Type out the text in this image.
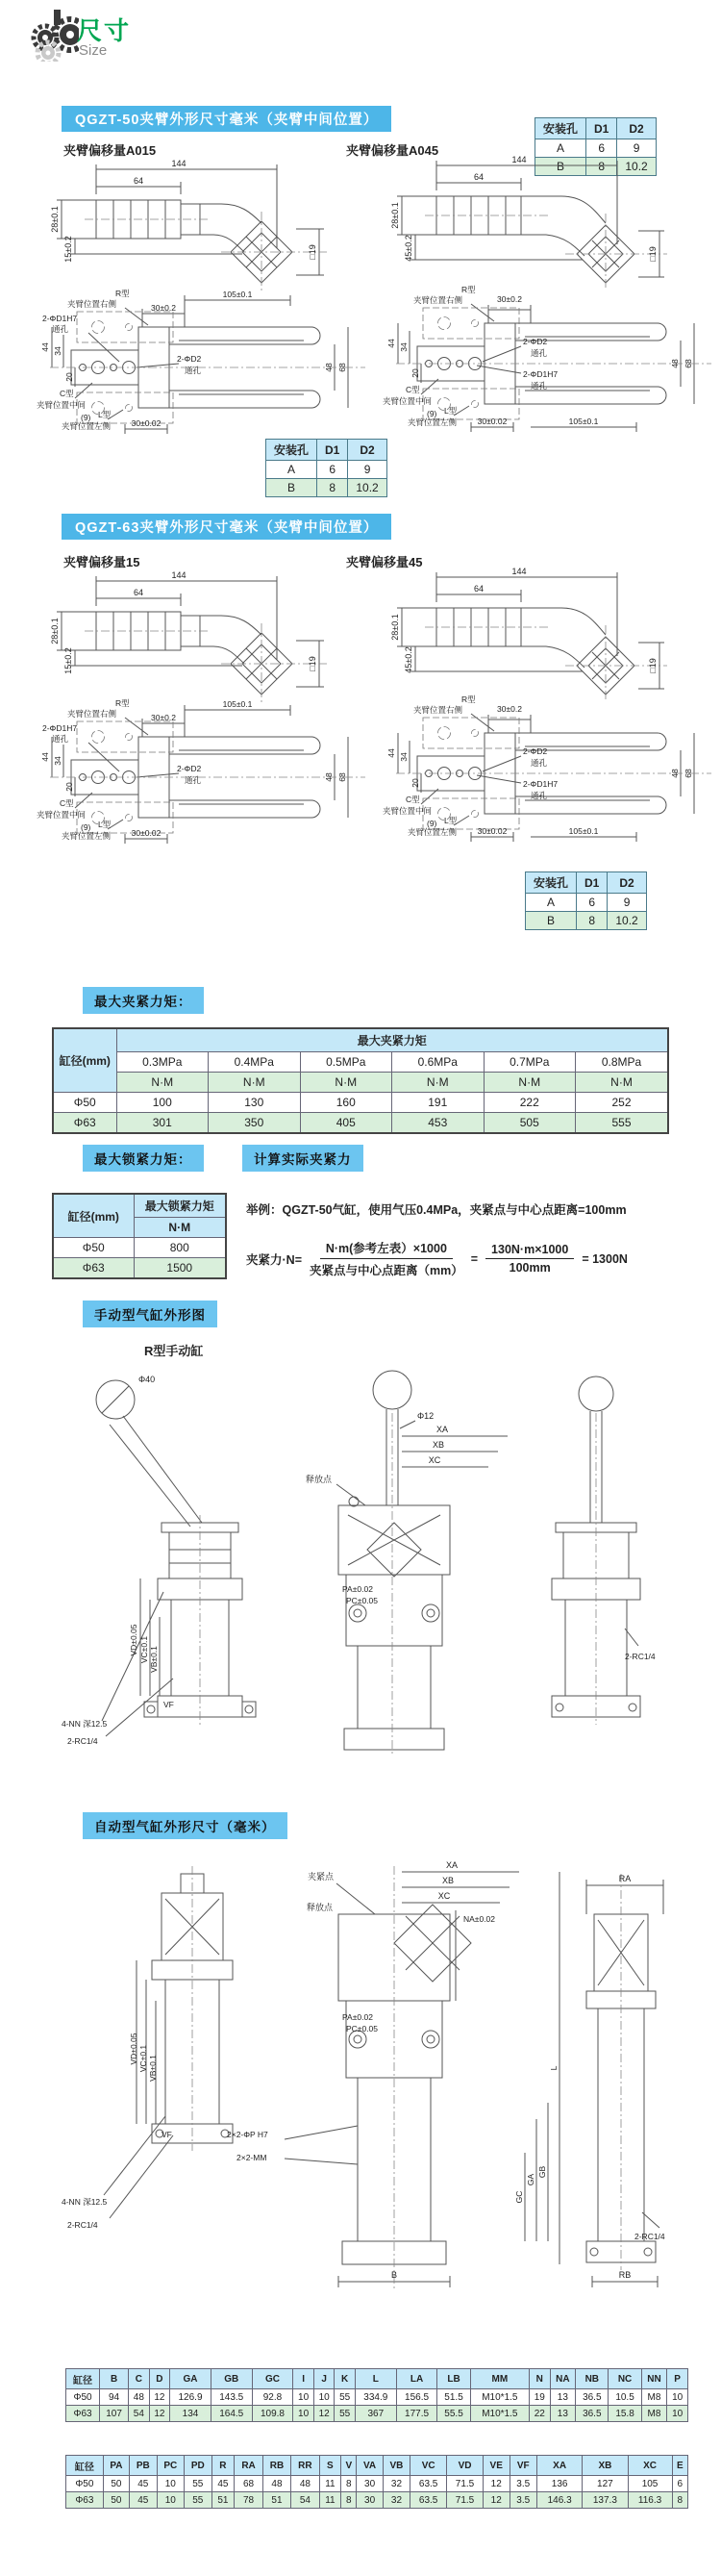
尺寸
Size
QGZT-50夹臂外形尺寸毫米（夹臂中间位置）
安装孔	D1	D2
A	6	9
B	8	10.2
夹臂偏移量A015	夹臂偏移量A045
144
64
28±0.1
15±0.2	□19
144
64
28±0.1
45±0.2	□19
105±0.1
30±0.2
R型
夹臂位置右侧
2-ΦD1H7
通孔
44 34
20
2-ΦD2
通孔	48 68
C型
夹臂位置中间
(9) L型
夹臂位置左侧	30±0.02
30±0.2
R型
夹臂位置右侧
44 34
20
2-ΦD2
通孔
2-ΦD1H7
通孔
48 68
C型
夹臂位置中间
(9) L型
夹臂位置左侧	30±0.02	105±0.1
安装孔	D1	D2
A	6	9
B	8	10.2
QGZT-63夹臂外形尺寸毫米（夹臂中间位置）
夹臂偏移量15	夹臂偏移量45
144
64
28±0.1
15±0.2	□19
144
64
28±0.1
45±0.2	□19
105±0.1
30±0.2
R型
夹臂位置右侧
2-ΦD1H7
通孔
44 34
20
2-ΦD2
通孔	48 68
C型
夹臂位置中间
(9) L型
夹臂位置左侧	30±0.02
30±0.2
R型
夹臂位置右侧
44 34
20
2-ΦD2
通孔
2-ΦD1H7
通孔
48 68
C型
夹臂位置中间
(9) L型
夹臂位置左侧	30±0.02	105±0.1
安装孔	D1	D2
A	6	9
B	8	10.2
最大夹紧力矩：
缸径(mm)	最大夹紧力矩					
	0.3MPa	0.4MPa	0.5MPa	0.6MPa	0.7MPa	0.8MPa
	N·M	N·M	N·M	N·M	N·M	N·M
Φ50	100	130	160	191	222	252
Φ63	301	350	405	453	505	555
最大锁紧力矩：	计算实际夹紧力
缸径(mm)	最大锁紧力矩
	N·M
Φ50	800
Φ63	1500
举例：QGZT-50气缸，使用气压0.4MPa，夹紧点与中心点距离=100mm
夹紧力$\cdot N= \frac{\text{N·m(参考左表）×1000}}{\text{夹紧点与中心点距离（mm）}} = \frac{130N\cdot m\times 1000}{100mm} = 1300N$
手动型气缸外形图
R型手动缸
Φ40
Φ12
XA
XB
XC
释放点
VD±0.05 VC±0.1 VB±0.1
VF
PA±0.02
PC±0.05
2-RC1/4
4-NN 深12.5
2-RC1/4
自动型气缸外形尺寸（毫米）
XA
XB
XC
夹紧点
NA±0.02
释放点
VD±0.05 VC±0.1 VB±0.1
VF
4-NN 深12.5
2-RC1/4
PA±0.02
PC±0.05
2×2-ΦP H7
2×2-MM
B
GC
GA
GB
L
RA
RB
2-RC1/4
缸径	B	C	D	GA	GB	GC	I	J	K	L	LA	LB	MM	N	NA	NB	NC	NN	P
Φ50	94	48	12	126.9	143.5	92.8	10	10	55	334.9	156.5	51.5	M10*1.5	19	13	36.5	10.5	M8	10
Φ63	107	54	12	134	164.5	109.8	10	12	55	367	177.5	55.5	M10*1.5	22	13	36.5	15.8	M8	10
缸径	PA	PB	PC	PD	R	RA	RB	RR	S	V	VA	VB	VC	VD	VE	VF	XA	XB	XC	E
Φ50	50	45	10	55	45	68	48	48	11	8	30	32	63.5	71.5	12	3.5	136	127	105	6
Φ63	50	45	10	55	51	78	51	54	11	8	30	32	63.5	71.5	12	3.5	146.3	137.3	116.3	8
